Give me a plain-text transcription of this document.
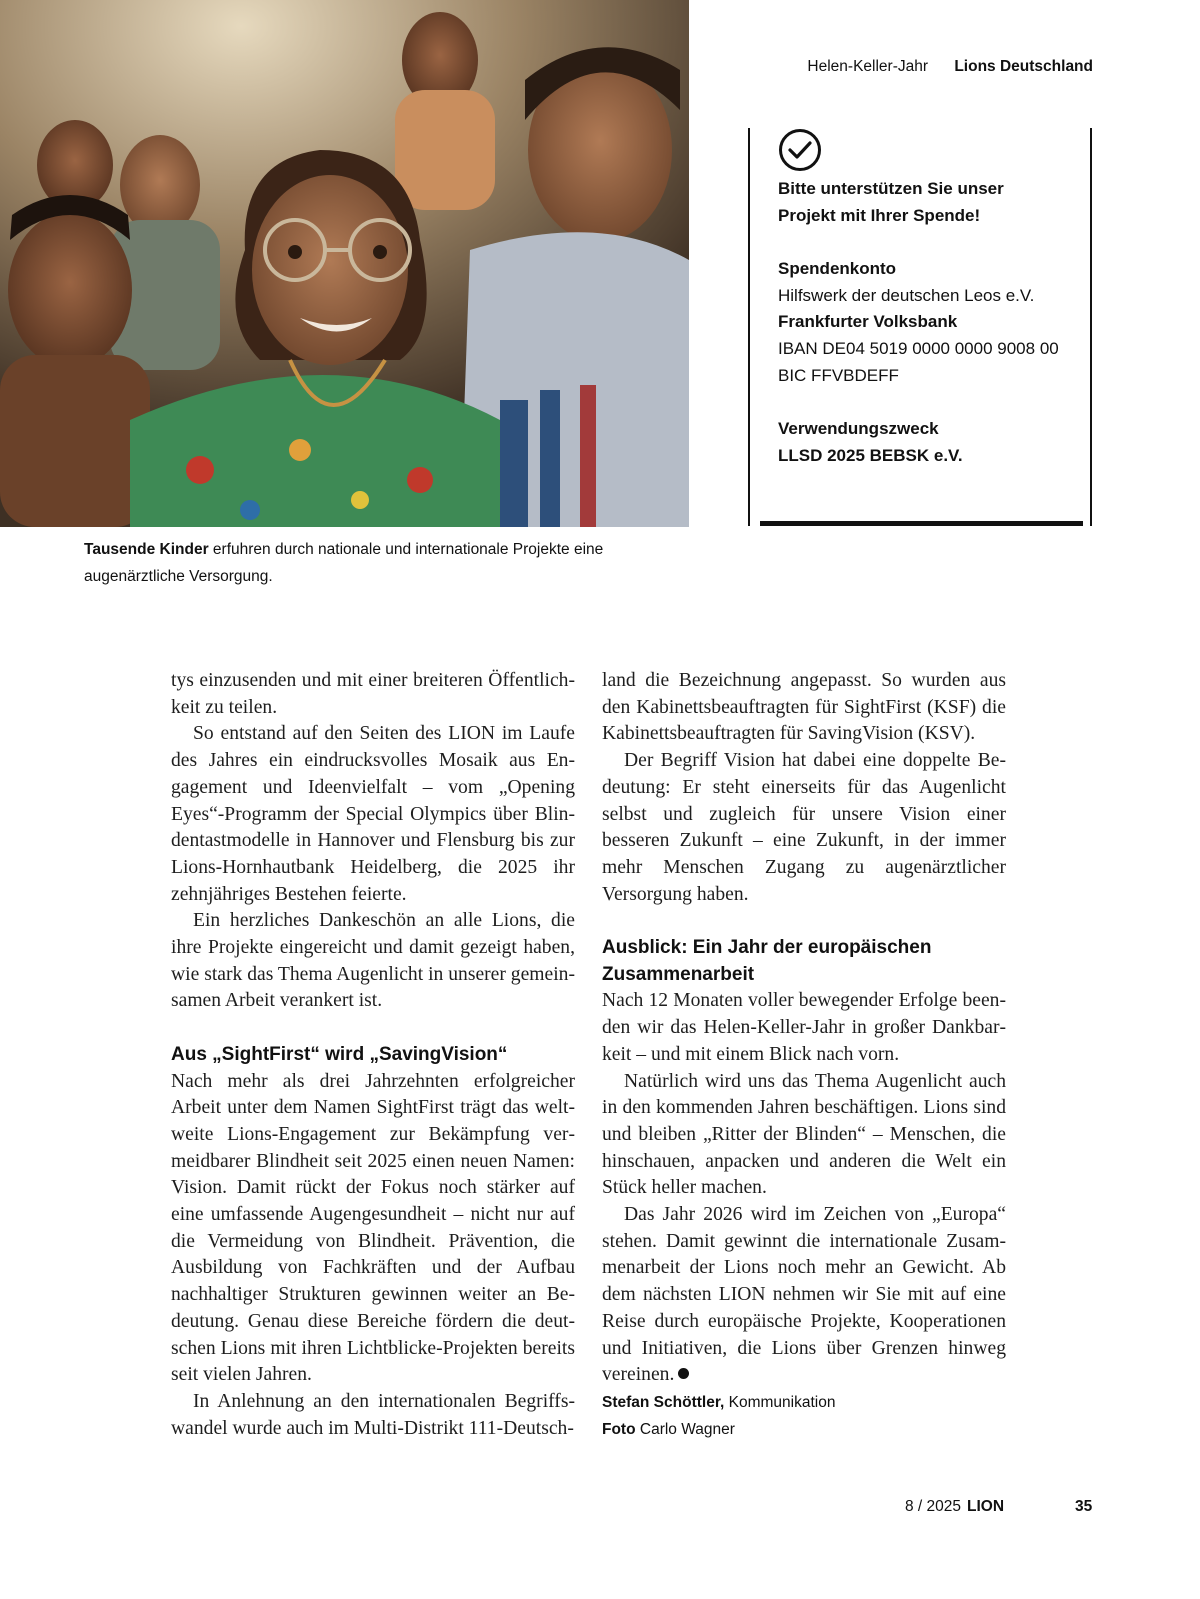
Helen-Keller-Jahr Lions Deutschland
Bitte unterstützen Sie unser
Projekt mit Ihrer Spende!
Spendenkonto
Hilfswerk der deutschen Leos e.V.
Frankfurter Volksbank
IBAN DE04 5019 0000 0000 9008 00
BIC FFVBDEFF
Verwendungszweck
LLSD 2025 BEBSK e.V.
Tausende Kinder erfuhren durch nationale und internationale Projekte eine augenärztliche Versorgung.

tys einzusenden und mit einer breiteren Öffentlichkeit zu teilen.

So entstand auf den Seiten des LION im Laufe des Jahres ein eindrucksvolles Mosaik aus Engagement und Ideenvielfalt – vom „Opening Eyes“-Programm der Special Olympics über Blindentastmodelle in Hannover und Flensburg bis zur Lions-Hornhautbank Heidelberg, die 2025 ihr zehnjähriges Bestehen feierte.

Ein herzliches Dankeschön an alle Lions, die ihre Projekte eingereicht und damit gezeigt haben, wie stark das Thema Augenlicht in unserer gemeinsamen Arbeit verankert ist.

Aus „SightFirst“ wird „SavingVision“

Nach mehr als drei Jahrzehnten erfolgreicher Arbeit unter dem Namen SightFirst trägt das weltweite Lions-Engagement zur Bekämpfung vermeidbarer Blindheit seit 2025 einen neuen Namen: Vision. Damit rückt der Fokus noch stärker auf eine umfassende Augengesundheit – nicht nur auf die Vermeidung von Blindheit. Prävention, die Ausbildung von Fachkräften und der Aufbau nachhaltiger Strukturen gewinnen weiter an Bedeutung. Genau diese Bereiche fördern die deutschen Lions mit ihren Lichtblicke-Projekten bereits seit vielen Jahren.

In Anlehnung an den internationalen Begriffswandel wurde auch im Multi-Distrikt 111-Deutsch-

land die Bezeichnung angepasst. So wurden aus den Kabinettsbeauftragten für SightFirst (KSF) die Kabinettsbeauftragten für SavingVision (KSV).

Der Begriff Vision hat dabei eine doppelte Bedeutung: Er steht einerseits für das Augenlicht selbst und zugleich für unsere Vision einer besseren Zukunft – eine Zukunft, in der immer mehr Menschen Zugang zu augenärztlicher Versorgung haben.

Ausblick: Ein Jahr der europäischen Zusammenarbeit

Nach 12 Monaten voller bewegender Erfolge beenden wir das Helen-Keller-Jahr in großer Dankbarkeit – und mit einem Blick nach vorn.

Natürlich wird uns das Thema Augenlicht auch in den kommenden Jahren beschäftigen. Lions sind und bleiben „Ritter der Blinden“ – Menschen, die hinschauen, anpacken und anderen die Welt ein Stück heller machen.

Das Jahr 2026 wird im Zeichen von „Europa“ stehen. Damit gewinnt die internationale Zusammenarbeit der Lions noch mehr an Gewicht. Ab dem nächsten LION nehmen wir Sie mit auf eine Reise durch europäische Projekte, Kooperationen und Initiativen, die Lions über Grenzen hinweg vereinen.

Stefan Schöttler, Kommunikation
Foto Carlo Wagner
8 / 2025 LION	35
